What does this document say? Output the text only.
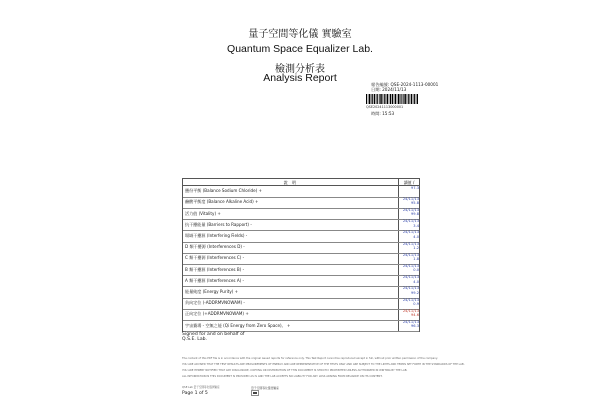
量子空間等化儀 實驗室
Quantum Space Equalizer Lab.
檢測分析表
Analysis Report
報告編號: QSE-2024-1113-00001
日期: 2024/11/13
QSE20241113000001
時間: 15:53
說 明	讀值 /
鹽份平衡 (Balance Sodium Chloride) +
97.3
鹼酸平衡度 (Balance Alkaline Acid) +
24/11/13
95.8
活力值 (Vitality) +
24/11/13
99.8
抗干擾能量 (Barriers to Rapport) -
24/11/13
3.4
場域干擾源 (Interfering Fields) -
24/11/13
4.0
D 類干擾源 (Interferences D) -
24/11/13
1.2
C 類干擾源 (Interferences C) -
24/11/13
1.8
B 類干擾源 (Interferences B) -
24/11/13
0.0
A 類干擾源 (Interferences A) -
24/11/13
4.0
能量純度 (Energy Purity) +
24/11/13
99.2
負向定位 (-ADDRMVNOWAM) -
24/11/13
0.9
正向定位 (+ADDRMVNOWAM) +
24/11/13
94.6
宇宙賽場 - 空無之能 (Qi Energy from Zero Space)。 +
24/11/13
96.3
Signed for and on behalf of
Q.S.E. Lab.
The content of this PDF file is in accordance with the original issued reports for reference only. This Test Report cannot be reproduced except in full, without prior written permission of the company.
YOU ARE ADVISED THAT THE TEST RESULTS ARE MEASUREMENTS OF ENERGY AND ARE REPRESENTATIVE OF THE TESTS ONLY AND ARE SUBJECT TO THE LIMITS AND TERMS SET FORTH IN THE STANDARDS OF THE LAB.
YOU ARE HEREBY NOTIFIED THAT ANY DISCLOSURE, COPYING OR DISTRIBUTION OF THIS DOCUMENT IS STRICTLY PROHIBITED UNLESS AUTHORIZED IN WRITING BY THE LAB.
ALL INFORMATION IN THIS DOCUMENT IS PROVIDED AS IS AND THE LAB ACCEPTS NO LIABILITY FOR ANY LOSS ARISING FROM RELIANCE ON ITS CONTENT.
QSE Lab 量子空間等化儀實驗室
Page 1 of 5
量子空間等化儀實驗室
